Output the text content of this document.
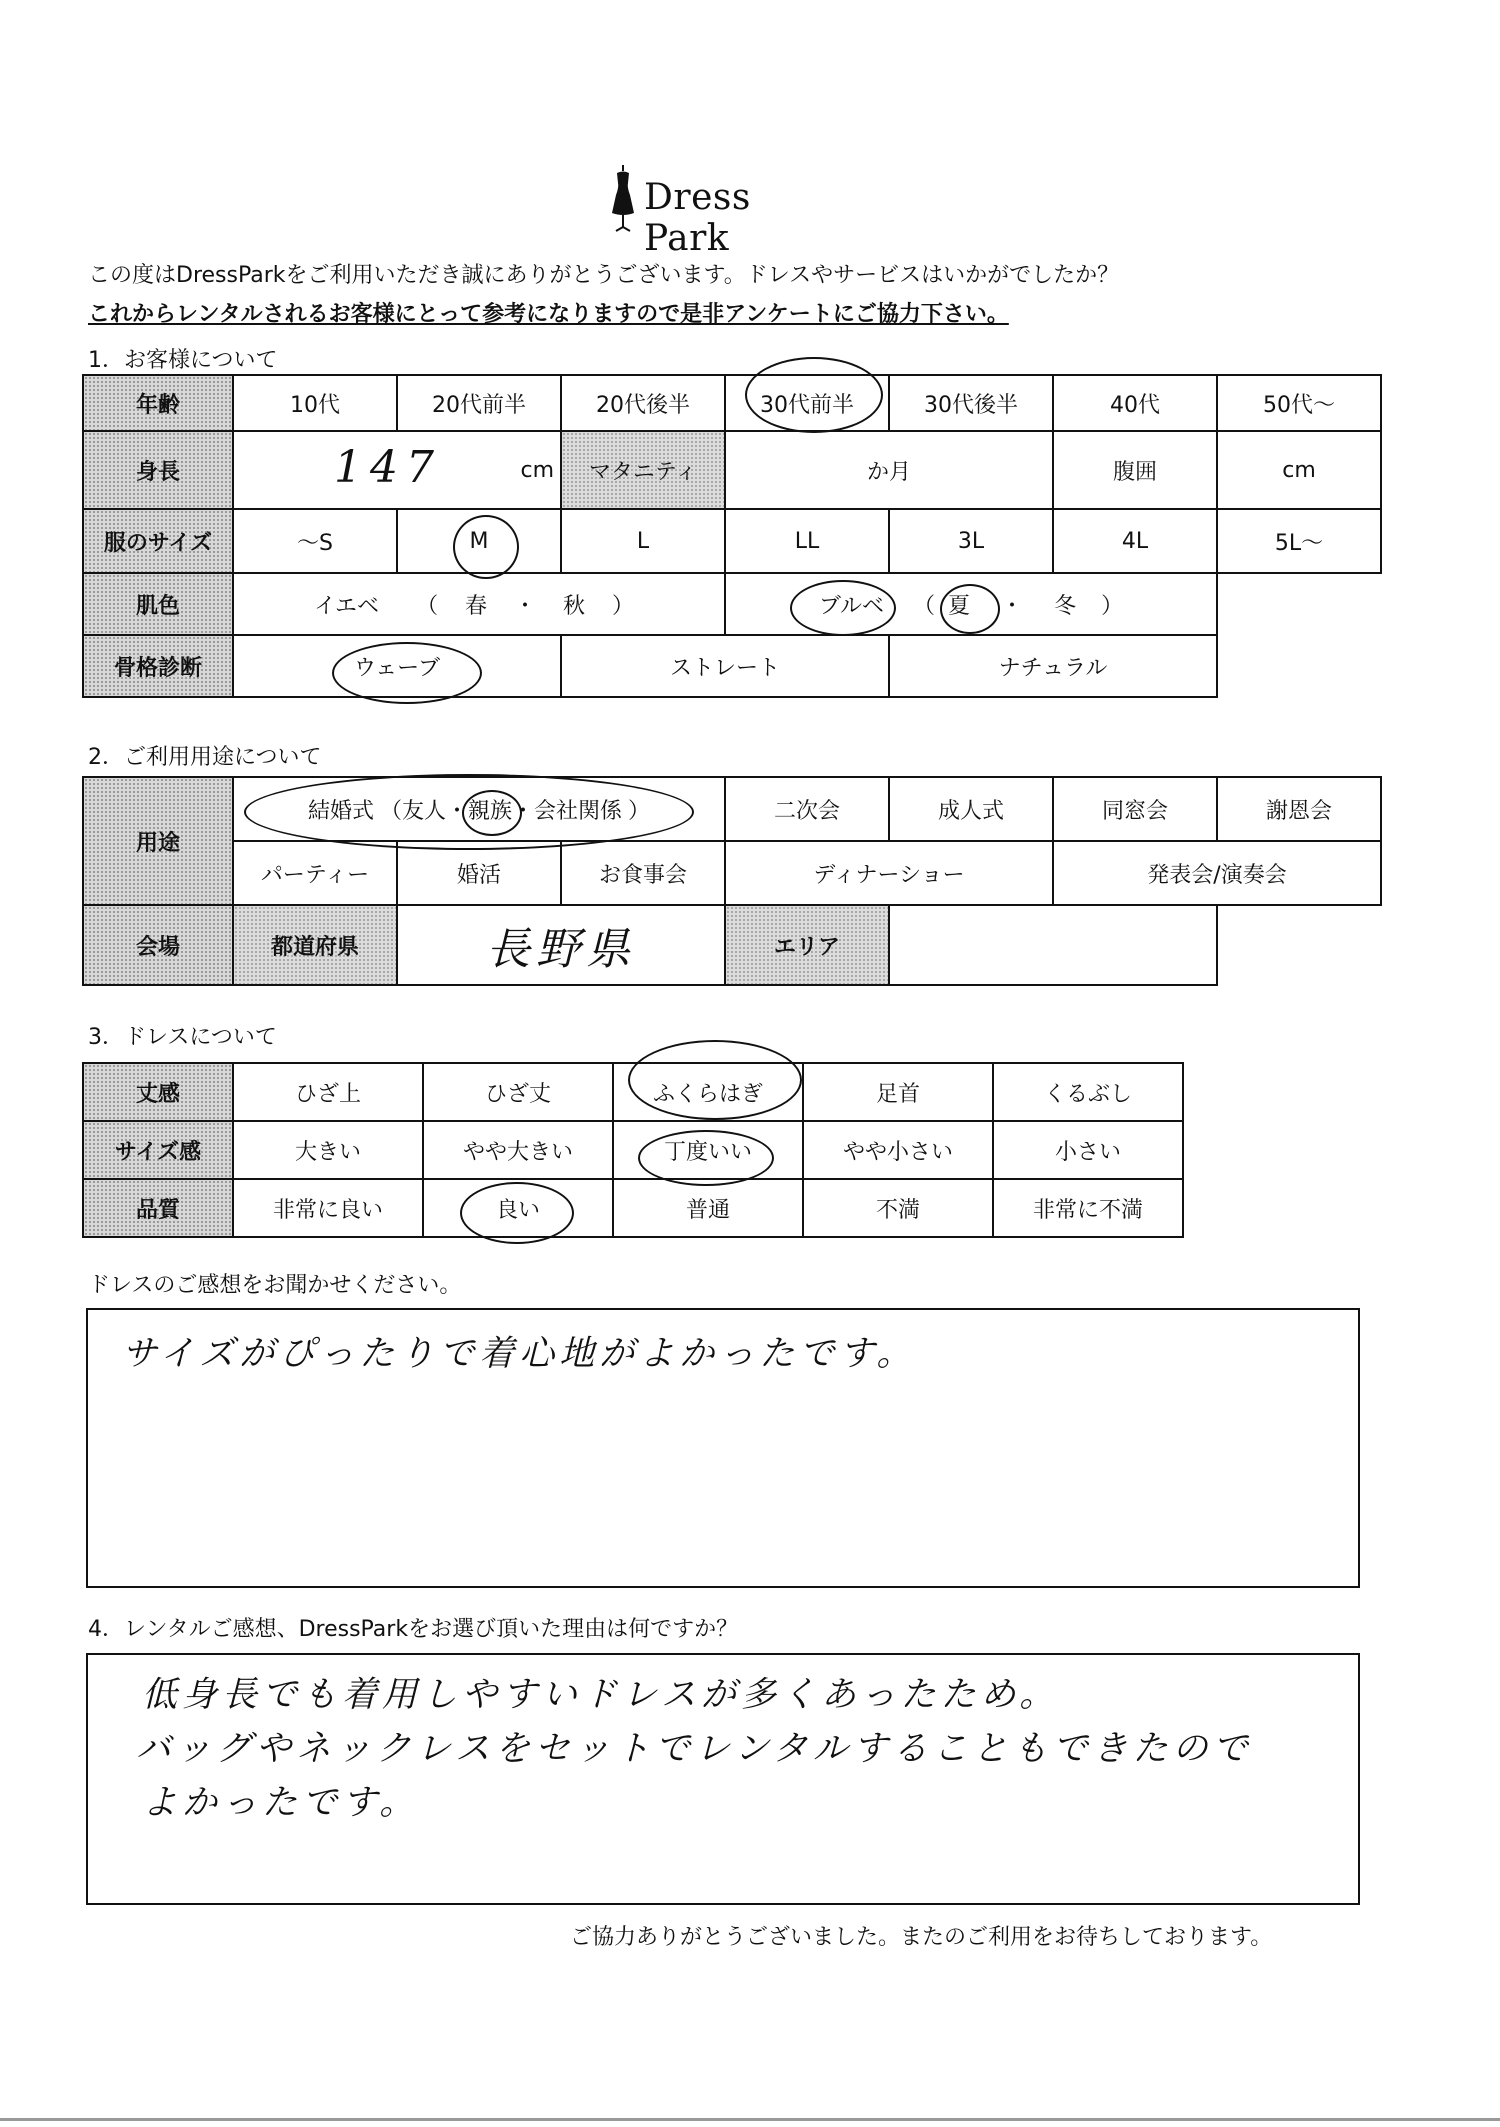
Dress Park
この度はDressParkをご利用いただき誠にありがとうございます。ドレスやサービスはいかがでしたか？
これからレンタルされるお客様にとって参考になりますので是非アンケートにご協力下さい。
1．お客様について
年齢	10代	20代前半	20代後半	30代前半	30代後半	40代	50代～
身長	147 cm		マタニティ	か月		腹囲	cm
服のサイズ	～S	M	L	LL	3L	4L	5L～
肌色	イエベ （ 春 ・ 秋 ）			ブルベ （ 夏 ・ 冬 ）			
骨格診断	ウェーブ		ストレート		ナチュラル		
2．ご利用用途について
用途	結婚式 （友人・親族・会社関係 ）			二次会	成人式	同窓会	謝恩会
	パーティー	婚活	お食事会	ディナーショー		発表会/演奏会	
会場	都道府県	長野県		エリア			
3．ドレスについて
丈感	ひざ上	ひざ丈	ふくらはぎ	足首	くるぶし
サイズ感	大きい	やや大きい	丁度いい	やや小さい	小さい
品質	非常に良い	良い	普通	不満	非常に不満
ドレスのご感想をお聞かせください。
サイズがぴったりで着心地がよかったです。
4．レンタルご感想、DressParkをお選び頂いた理由は何ですか？
低身長でも着用しやすいドレスが多くあったため。
バッグやネックレスをセットでレンタルすることもできたので
よかったです。
ご協力ありがとうございました。またのご利用をお待ちしております。
